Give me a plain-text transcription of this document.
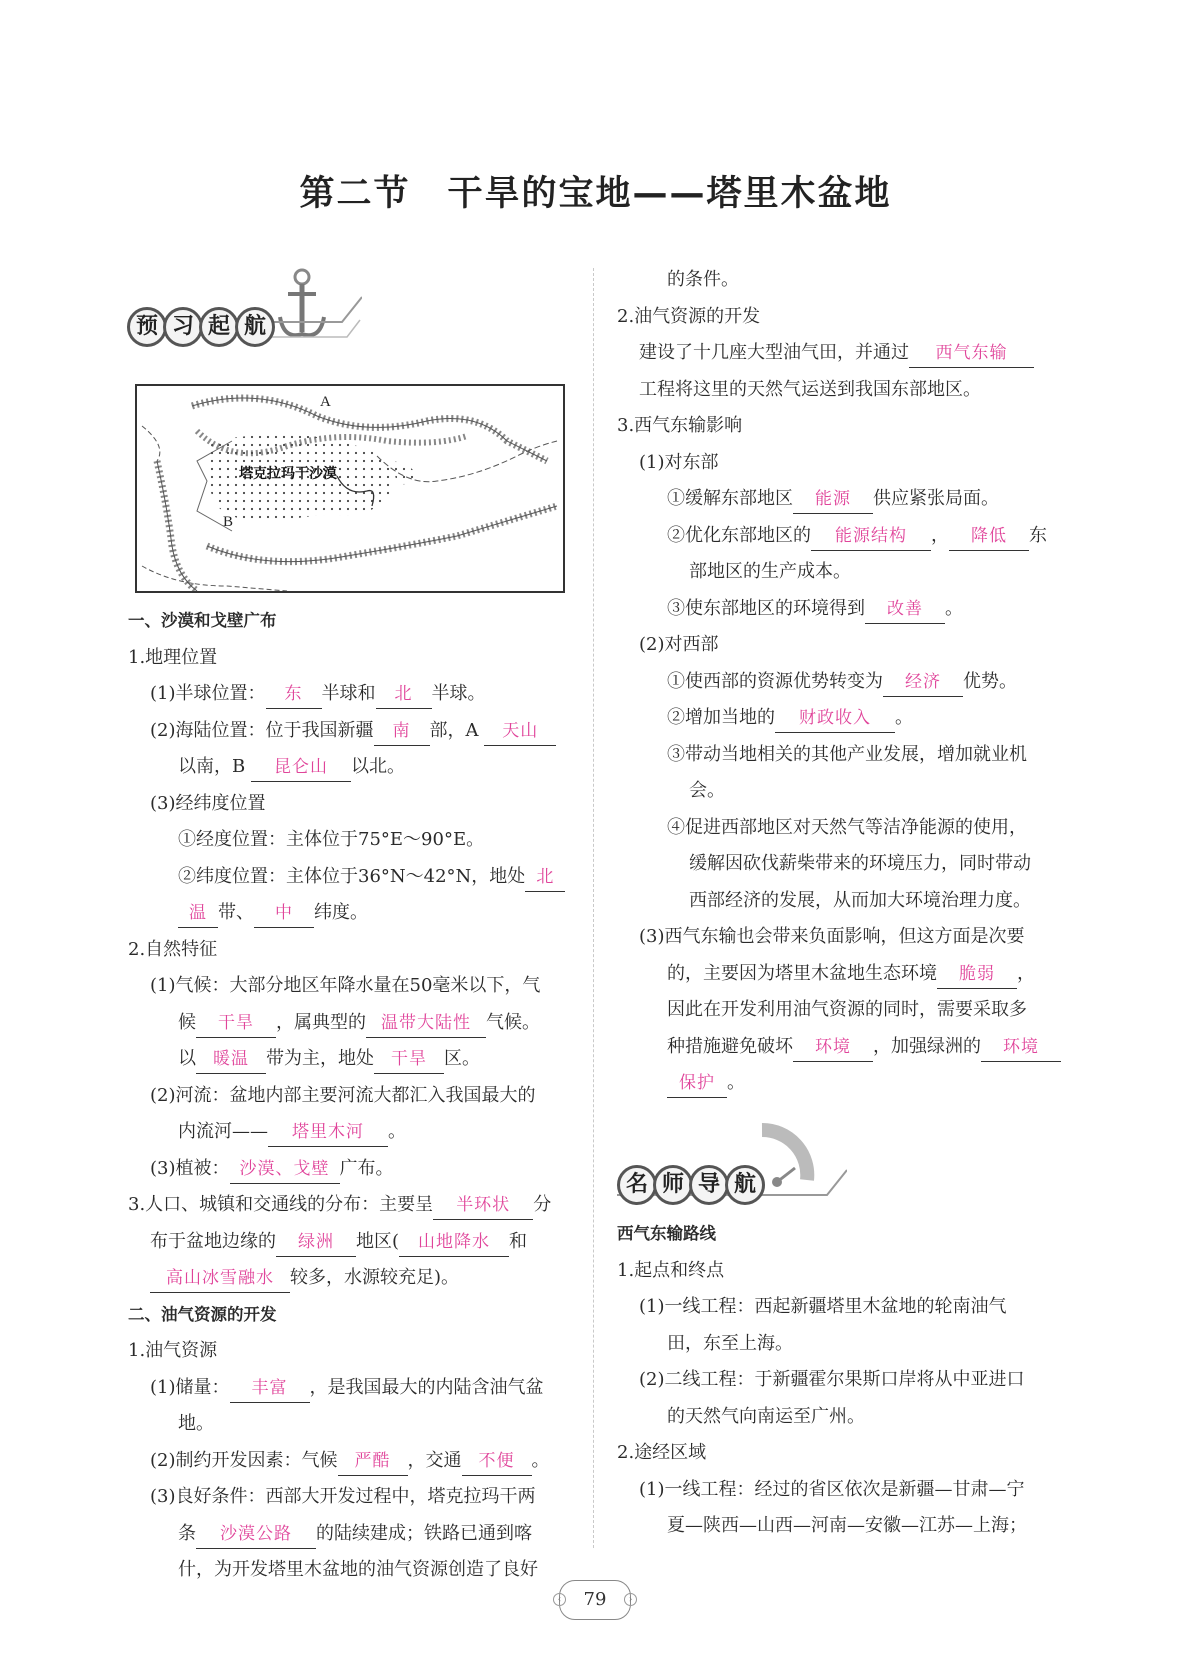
第二节　干旱的宝地——塔里木盆地
预 习 起 航
A
B
塔克拉玛干沙漠
一、沙漠和戈壁广布
1.地理位置
(1)半球位置： 东 半球和 北 半球。
(2)海陆位置：位于我国新疆 南 部，A 天山
以南，B 昆仑山 以北。
(3)经纬度位置
①经度位置：主体位于75°E～90°E。
②纬度位置：主体位于36°N～42°N，地处 北
温 带、 中 纬度。
2.自然特征
(1)气候：大部分地区年降水量在50毫米以下，气
候 干旱 ，属典型的 温带大陆性 气候。
以 暖温 带为主，地处 干旱 区。
(2)河流：盆地内部主要河流大都汇入我国最大的
内流河—— 塔里木河 。
(3)植被： 沙漠、戈壁 广布。
3.人口、城镇和交通线的分布：主要呈 半环状 分
布于盆地边缘的 绿洲 地区( 山地降水 和
高山冰雪融水 较多，水源较充足)。
二、油气资源的开发
1.油气资源
(1)储量： 丰富 ，是我国最大的内陆含油气盆
地。
(2)制约开发因素：气候 严酷 ，交通 不便 。
(3)良好条件：西部大开发过程中，塔克拉玛干两
条 沙漠公路 的陆续建成；铁路已通到喀
什，为开发塔里木盆地的油气资源创造了良好
的条件。
2.油气资源的开发
建设了十几座大型油气田，并通过 西气东输
工程将这里的天然气运送到我国东部地区。
3.西气东输影响
(1)对东部
①缓解东部地区 能源 供应紧张局面。
②优化东部地区的 能源结构 ， 降低 东
部地区的生产成本。
③使东部地区的环境得到 改善 。
(2)对西部
①使西部的资源优势转变为 经济 优势。
②增加当地的 财政收入 。
③带动当地相关的其他产业发展，增加就业机
会。
④促进西部地区对天然气等洁净能源的使用，
缓解因砍伐薪柴带来的环境压力，同时带动
西部经济的发展，从而加大环境治理力度。
(3)西气东输也会带来负面影响，但这方面是次要
的，主要因为塔里木盆地生态环境 脆弱 ，
因此在开发利用油气资源的同时，需要采取多
种措施避免破坏 环境 ，加强绿洲的 环境
保护 。
名 师 导 航
西气东输路线
1.起点和终点
(1)一线工程：西起新疆塔里木盆地的轮南油气
田，东至上海。
(2)二线工程：于新疆霍尔果斯口岸将从中亚进口
的天然气向南运至广州。
2.途经区域
(1)一线工程：经过的省区依次是新疆—甘肃—宁
夏—陕西—山西—河南—安徽—江苏—上海；
‹ 79	›
